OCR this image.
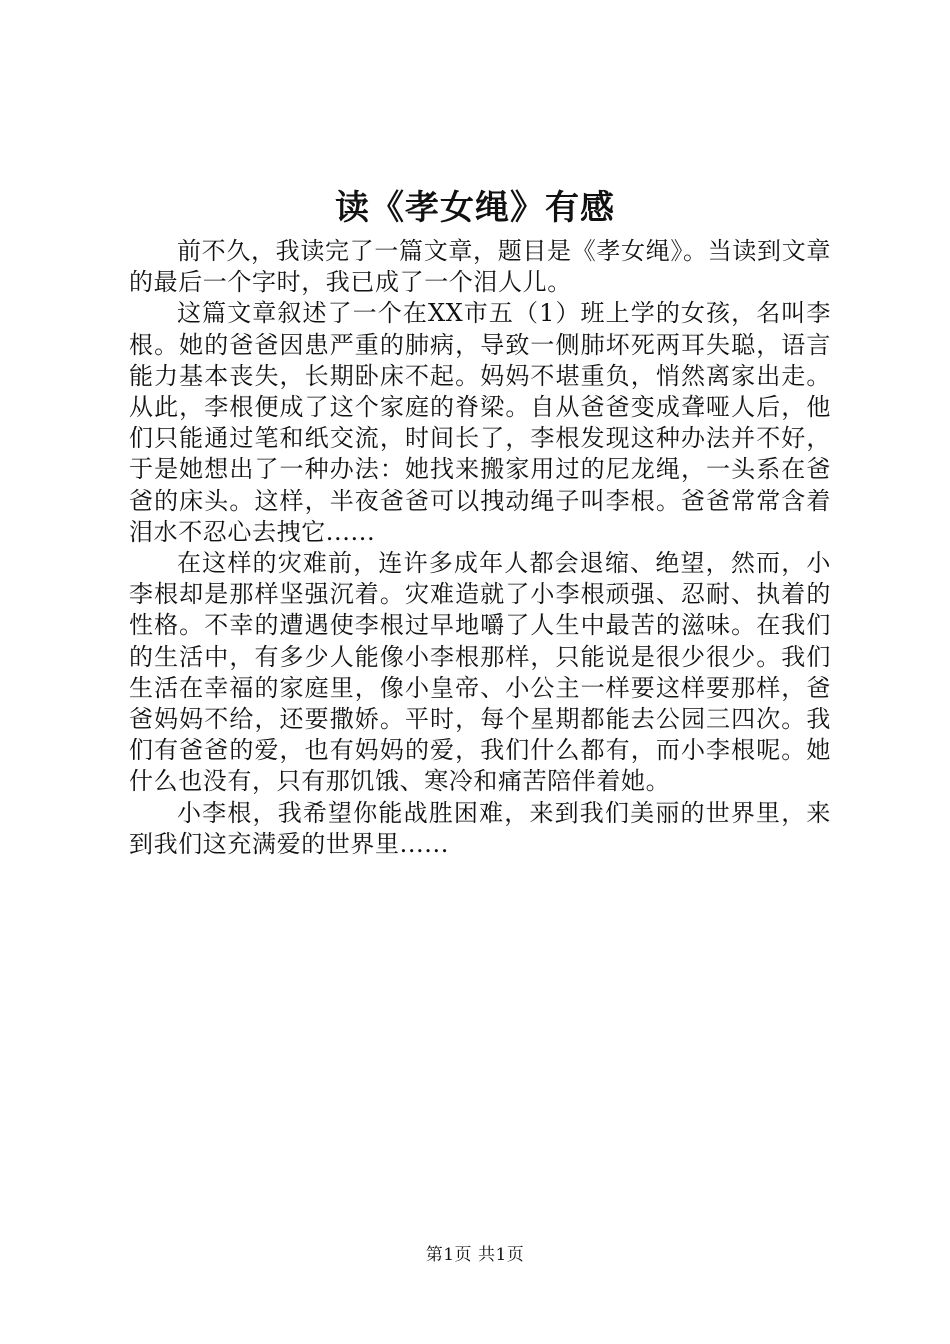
读《孝女绳》有感

前不久，我读完了一篇文章，题目是《孝女绳》。当读到文章的最后一个字时，我已成了一个泪人儿。

这篇文章叙述了一个在XX市五（1）班上学的女孩，名叫李根。她的爸爸因患严重的肺病，导致一侧肺坏死两耳失聪，语言能力基本丧失，长期卧床不起。妈妈不堪重负，悄然离家出走。从此，李根便成了这个家庭的脊梁。自从爸爸变成聋哑人后，他们只能通过笔和纸交流，时间长了，李根发现这种办法并不好，于是她想出了一种办法：她找来搬家用过的尼龙绳，一头系在爸爸的床头。这样，半夜爸爸可以拽动绳子叫李根。爸爸常常含着泪水不忍心去拽它......

在这样的灾难前，连许多成年人都会退缩、绝望，然而，小李根却是那样坚强沉着。灾难造就了小李根顽强、忍耐、执着的性格。不幸的遭遇使李根过早地嚼了人生中最苦的滋味。在我们的生活中，有多少人能像小李根那样，只能说是很少很少。我们生活在幸福的家庭里，像小皇帝、小公主一样要这样要那样，爸爸妈妈不给，还要撒娇。平时，每个星期都能去公园三四次。我们有爸爸的爱，也有妈妈的爱，我们什么都有，而小李根呢。她什么也没有，只有那饥饿、寒冷和痛苦陪伴着她。

小李根，我希望你能战胜困难，来到我们美丽的世界里，来到我们这充满爱的世界里......

第1页 共1页
